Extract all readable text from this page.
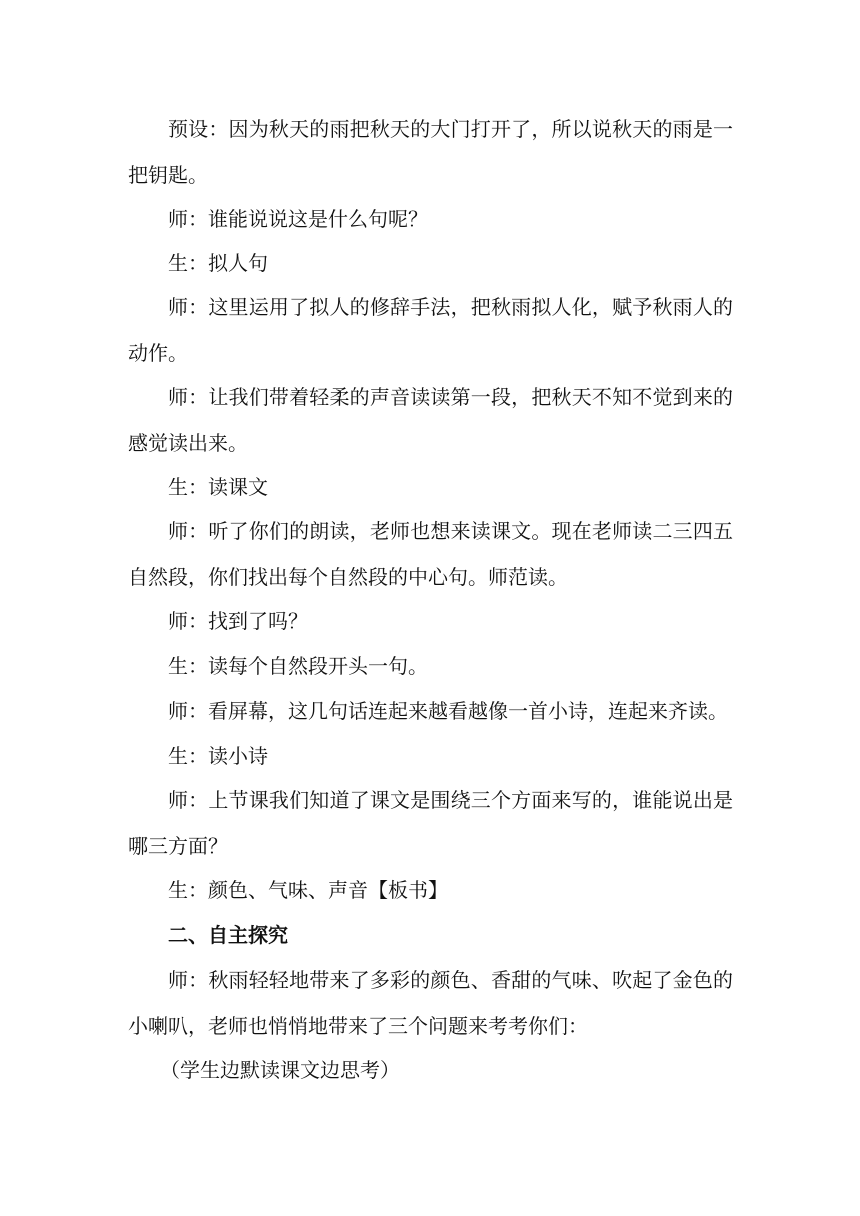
预设：因为秋天的雨把秋天的大门打开了，所以说秋天的雨是一把钥匙。

师：谁能说说这是什么句呢？

生：拟人句

师：这里运用了拟人的修辞手法，把秋雨拟人化，赋予秋雨人的动作。

师：让我们带着轻柔的声音读读第一段，把秋天不知不觉到来的感觉读出来。

生：读课文

师：听了你们的朗读，老师也想来读课文。现在老师读二三四五自然段，你们找出每个自然段的中心句。师范读。

师：找到了吗？

生：读每个自然段开头一句。

师：看屏幕，这几句话连起来越看越像一首小诗，连起来齐读。

生：读小诗

师：上节课我们知道了课文是围绕三个方面来写的，谁能说出是哪三方面？

生：颜色、气味、声音【板书】

二、自主探究

师：秋雨轻轻地带来了多彩的颜色、香甜的气味、吹起了金色的小喇叭，老师也悄悄地带来了三个问题来考考你们：

（学生边默读课文边思考）
